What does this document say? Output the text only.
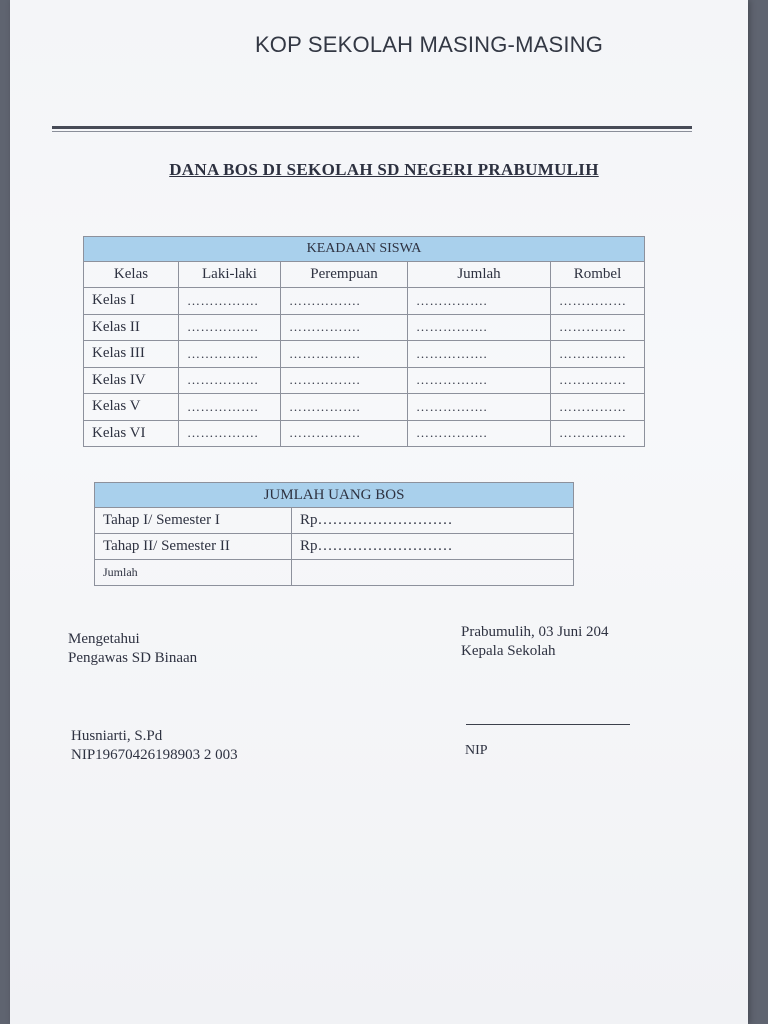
KOP SEKOLAH MASING-MASING
DANA BOS DI SEKOLAH SD NEGERI PRABUMULIH
KEADAAN SISWA				
Kelas	Laki-laki	Perempuan	Jumlah	Rombel
Kelas I	…………….	…………….	…………….	……………
Kelas II	…………….	…………….	…………….	……………
Kelas III	…………….	…………….	…………….	……………
Kelas IV	…………….	…………….	…………….	……………
Kelas V	…………….	…………….	…………….	……………
Kelas VI	…………….	…………….	…………….	……………
JUMLAH UANG BOS	
Tahap I/ Semester I	Rp………………………
Tahap II/ Semester II	Rp………………………
Jumlah	
Mengetahui
Pengawas SD Binaan
Prabumulih, 03 Juni 204
Kepala Sekolah
Husniarti, S.Pd
NIP19670426198903 2 003	NIP
